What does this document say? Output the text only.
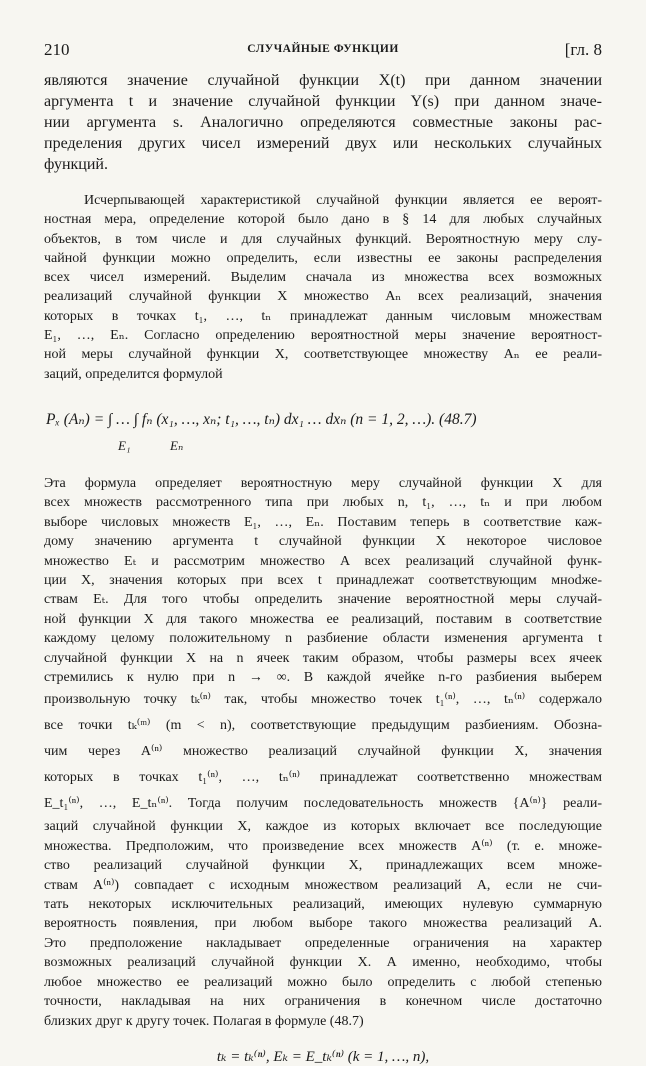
210	СЛУЧАЙНЫЕ ФУНКЦИИ	[гл. 8
являются значение случайной функции X(t) при данном значении
аргумента t и значение случайной функции Y(s) при данном значе-
нии аргумента s. Аналогично определяются совместные законы рас-
пределения других чисел измерений двух или нескольких случайных
функций.
Исчерпывающей характеристикой случайной функции является ее вероят-
ностная мера, определение которой было дано в § 14 для любых случайных
объектов, в том числе и для случайных функций. Вероятностную меру слу-
чайной функции можно определить, если известны ее законы распределения
всех чисел измерений. Выделим сначала из множества всех возможных
реализаций случайной функции X множество Aₙ всех реализаций, значения
которых в точках t₁, …, tₙ принадлежат данным числовым множествам
E₁, …, Eₙ. Согласно определению вероятностной меры значение вероятност-
ной меры случайной функции X, соответствующее множеству Aₙ ее реали-
заций, определится формулой
Pₓ (Aₙ) = ∫ … ∫ fₙ (x₁, …, xₙ; t₁, …, tₙ) dx₁ … dxₙ (n = 1, 2, …). (48.7)
E₁	Eₙ
Эта формула определяет вероятностную меру случайной функции X для
всех множеств рассмотренного типа при любых n, t₁, …, tₙ и при любом
выборе числовых множеств E₁, …, Eₙ. Поставим теперь в соответствие каж-
дому значению аргумента t случайной функции X некоторое числовое
множество Eₜ и рассмотрим множество A всех реализаций случайной функ-
ции X, значения которых при всех t принадлежат соответствующим мноdже-
ствам Eₜ. Для того чтобы определить значение вероятностной меры случай-
ной функции X для такого множества ее реализаций, поставим в соответствие
каждому целому положительному n разбиение области изменения аргумента t
случайной функции X на n ячеек таким образом, чтобы размеры всех ячеек
стремились к нулю при n → ∞. В каждой ячейке n-го разбиения выберем
произвольную точку tₖ⁽ⁿ⁾ так, чтобы множество точек t₁⁽ⁿ⁾, …, tₙ⁽ⁿ⁾ содержало
все точки tₖ⁽ᵐ⁾ (m < n), соответствующие предыдущим разбиениям. Обозна-
чим через A⁽ⁿ⁾ множество реализаций случайной функции X, значения
которых в точках t₁⁽ⁿ⁾, …, tₙ⁽ⁿ⁾ принадлежат соответственно множествам
E_t₁⁽ⁿ⁾, …, E_tₙ⁽ⁿ⁾. Тогда получим последовательность множеств {A⁽ⁿ⁾} реали-
заций случайной функции X, каждое из которых включает все последующие
множества. Предположим, что произведение всех множеств A⁽ⁿ⁾ (т. е. множе-
ство реализаций случайной функции X, принадлежащих всем множе-
ствам A⁽ⁿ⁾) совпадает с исходным множеством реализаций A, если не счи-
тать некоторых исключительных реализаций, имеющих нулевую суммарную
вероятность появления, при любом выборе такого множества реализаций A.
Это предположение накладывает определенные ограничения на характер
возможных реализаций случайной функции X. А именно, необходимо, чтобы
любое множество ее реализаций можно было определить с любой степенью
точности, накладывая на них ограничения в конечном числе достаточно
близких друг к другу точек. Полагая в формуле (48.7)
tₖ = tₖ⁽ⁿ⁾, Eₖ = E_tₖ⁽ⁿ⁾ (k = 1, …, n),
